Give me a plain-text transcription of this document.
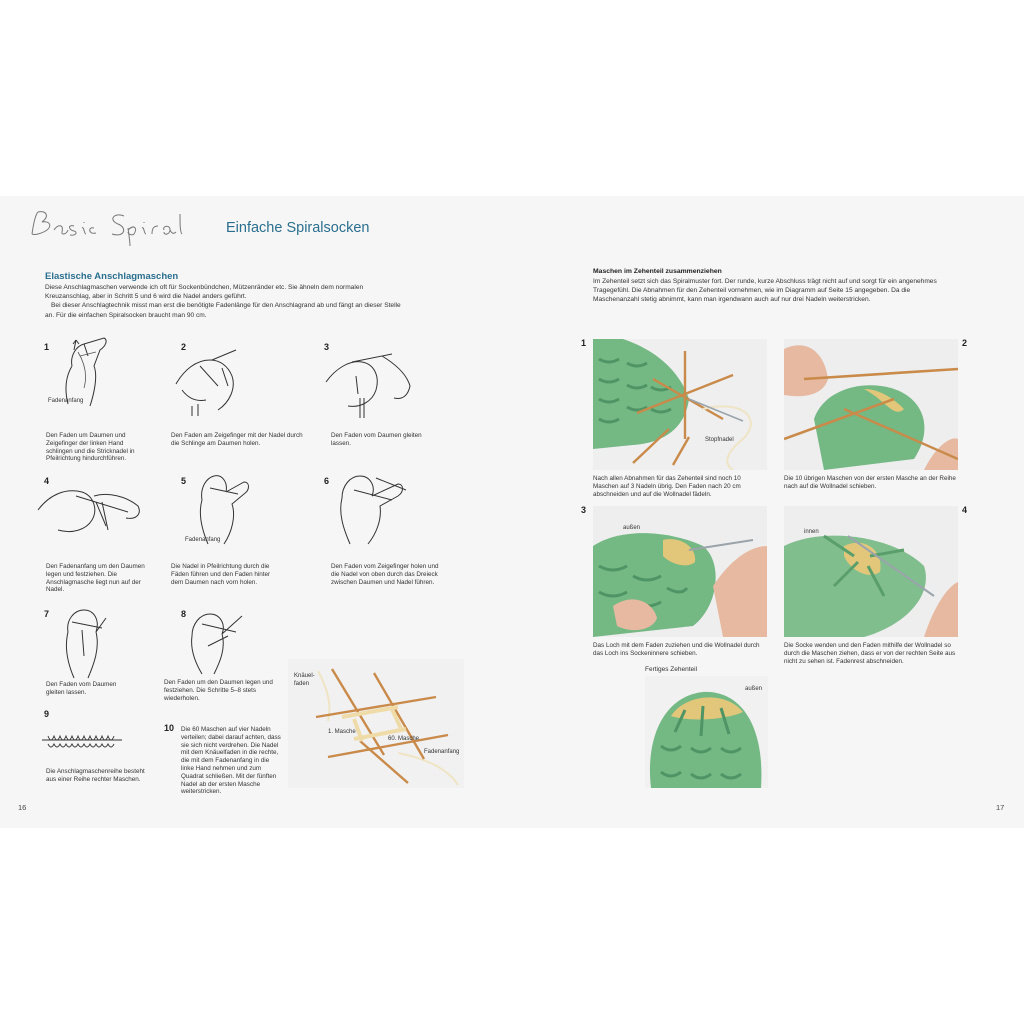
Einfache Spiralsocken
Elastische Anschlagmaschen

Diese Anschlagmaschen verwende ich oft für Sockenbündchen, Mützenränder etc. Sie ähneln dem normalen Kreuzanschlag, aber in Schritt 5 und 6 wird die Nadel anders geführt.

Bei dieser Anschlagtechnik misst man erst die benötigte Fadenlänge für den Anschlagrand ab und fängt an dieser Stelle an. Für die einfachen Spiralsocken braucht man 90 cm.

1
Fadenanfang
Den Faden um Daumen und Zeigefinger der linken Hand schlingen und die Stricknadel in Pfeilrichtung hindurchführen.
2
Den Faden am Zeigefinger mit der Nadel durch die Schlinge am Daumen holen.
3
Den Faden vom Daumen gleiten lassen.
4
Den Fadenanfang um den Daumen legen und festziehen. Die Anschlagmasche liegt nun auf der Nadel.
5
Fadenanfang
Die Nadel in Pfeilrichtung durch die Fäden führen und den Faden hinter dem Daumen nach vorn holen.
6
Den Faden vom Zeigefinger holen und die Nadel von oben durch das Dreieck zwischen Daumen und Nadel führen.
7
Den Faden vom Daumen gleiten lassen.
8
Den Faden um den Daumen legen und festziehen. Die Schritte 5–8 stets wiederholen.
9
Die Anschlagmaschenreihe besteht aus einer Reihe rechter Maschen.
10 Die 60 Maschen auf vier Nadeln verteilen; dabei darauf achten, dass sie sich nicht verdrehen. Die Nadel mit dem Knäuelfaden in die rechte, die mit dem Fadenanfang in die linke Hand nehmen und zum Quadrat schließen. Mit der fünften Nadel ab der ersten Masche weiterstricken.
Knäuel-
faden
1. Masche
60. Masche
Fadenanfang
16
Maschen im Zehenteil zusammenziehen
Im Zehenteil setzt sich das Spiralmuster fort. Der runde, kurze Abschluss trägt nicht auf und sorgt für ein angenehmes Tragegefühl. Die Abnahmen für den Zehenteil vornehmen, wie im Diagramm auf Seite 15 angegeben. Da die Maschenanzahl stetig abnimmt, kann man irgendwann auch auf nur drei Nadeln weiterstricken.
1
Stopfnadel
Nach allen Abnahmen für das Zehenteil sind noch 10 Maschen auf 3 Nadeln übrig. Den Faden nach 20 cm abschneiden und auf die Wollnadel fädeln.
2
Die 10 übrigen Maschen von der ersten Masche an der Reihe nach auf die Wollnadel schieben.
3
außen
Das Loch mit dem Faden zuziehen und die Wollnadel durch das Loch ins Sockeninnere schieben.
4
innen
Die Socke wenden und den Faden mithilfe der Wollnadel so durch die Maschen ziehen, dass er von der rechten Seite aus nicht zu sehen ist. Fadenrest abschneiden.
Fertiges Zehenteil
außen
17
